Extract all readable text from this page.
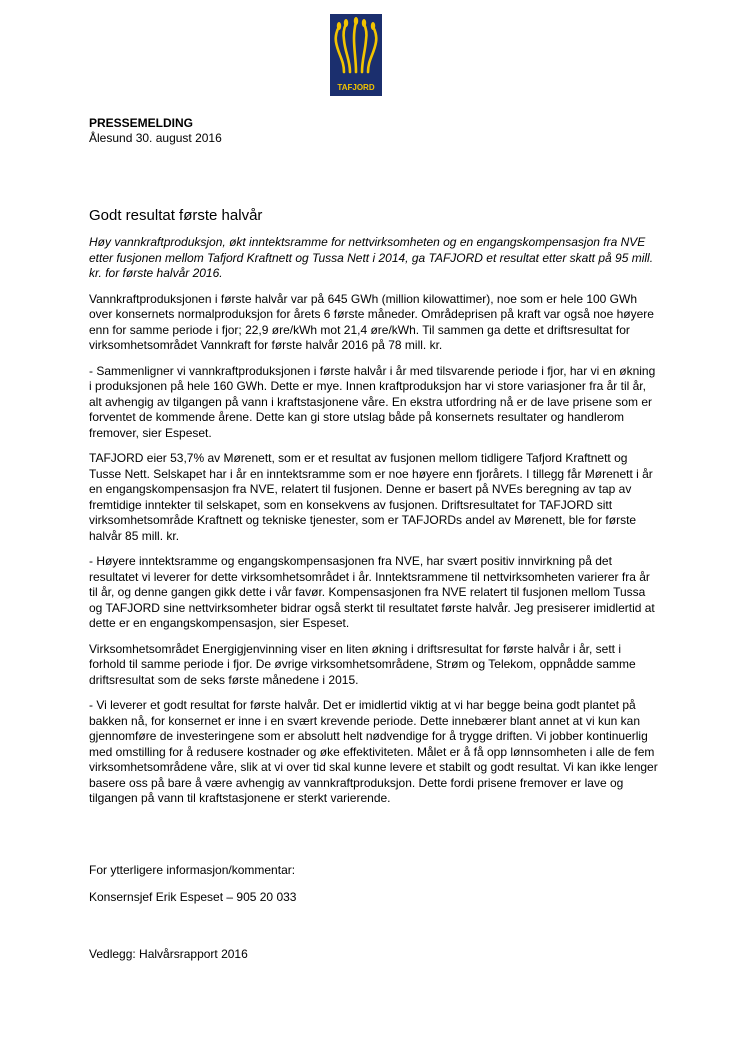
TAFJORD
PRESSEMELDING
Ålesund 30. august 2016
Godt resultat første halvår

Høy vannkraftproduksjon, økt inntektsramme for nettvirksomheten og en engangskompensasjon fra NVE etter fusjonen mellom Tafjord Kraftnett og Tussa Nett i 2014, ga TAFJORD et resultat etter skatt på 95 mill. kr. for første halvår 2016.

Vannkraftproduksjonen i første halvår var på 645 GWh (million kilowattimer), noe som er hele 100 GWh over konsernets normalproduksjon for årets 6 første måneder. Områdeprisen på kraft var også noe høyere enn for samme periode i fjor; 22,9 øre/kWh mot 21,4 øre/kWh. Til sammen ga dette et driftsresultat for virksomhetsområdet Vannkraft for første halvår 2016 på 78 mill. kr.

- Sammenligner vi vannkraftproduksjonen i første halvår i år med tilsvarende periode i fjor, har vi en økning i produksjonen på hele 160 GWh. Dette er mye. Innen kraftproduksjon har vi store variasjoner fra år til år, alt avhengig av tilgangen på vann i kraftstasjonene våre. En ekstra utfordring nå er de lave prisene som er forventet de kommende årene. Dette kan gi store utslag både på konsernets resultater og handlerom fremover, sier Espeset.

TAFJORD eier 53,7% av Mørenett, som er et resultat av fusjonen mellom tidligere Tafjord Kraftnett og Tusse Nett. Selskapet har i år en inntektsramme som er noe høyere enn fjorårets. I tillegg får Mørenett i år en engangskompensasjon fra NVE, relatert til fusjonen. Denne er basert på NVEs beregning av tap av fremtidige inntekter til selskapet, som en konsekvens av fusjonen. Driftsresultatet for TAFJORD sitt virksomhetsområde Kraftnett og tekniske tjenester, som er TAFJORDs andel av Mørenett, ble for første halvår 85 mill. kr.

- Høyere inntektsramme og engangskompensasjonen fra NVE, har svært positiv innvirkning på det resultatet vi leverer for dette virksomhetsområdet i år. Inntektsrammene til nettvirksomheten varierer fra år til år, og denne gangen gikk dette i vår favør. Kompensasjonen fra NVE relatert til fusjonen mellom Tussa og TAFJORD sine nettvirksomheter bidrar også sterkt til resultatet første halvår. Jeg presiserer imidlertid at dette er en engangskompensasjon, sier Espeset.

Virksomhetsområdet Energigjenvinning viser en liten økning i driftsresultat for første halvår i år, sett i forhold til samme periode i fjor. De øvrige virksomhetsområdene, Strøm og Telekom, oppnådde samme driftsresultat som de seks første månedene i 2015.

- Vi leverer et godt resultat for første halvår. Det er imidlertid viktig at vi har begge beina godt plantet på bakken nå, for konsernet er inne i en svært krevende periode. Dette innebærer blant annet at vi kun kan gjennomføre de investeringene som er absolutt helt nødvendige for å trygge driften. Vi jobber kontinuerlig med omstilling for å redusere kostnader og øke effektiviteten. Målet er å få opp lønnsomheten i alle de fem virksomhetsområdene våre, slik at vi over tid skal kunne levere et stabilt og godt resultat. Vi kan ikke lenger basere oss på bare å være avhengig av vannkraftproduksjon. Dette fordi prisene fremover er lave og tilgangen på vann til kraftstasjonene er sterkt varierende.

For ytterligere informasjon/kommentar:
Konsernsjef Erik Espeset – 905 20 033
Vedlegg: Halvårsrapport 2016
